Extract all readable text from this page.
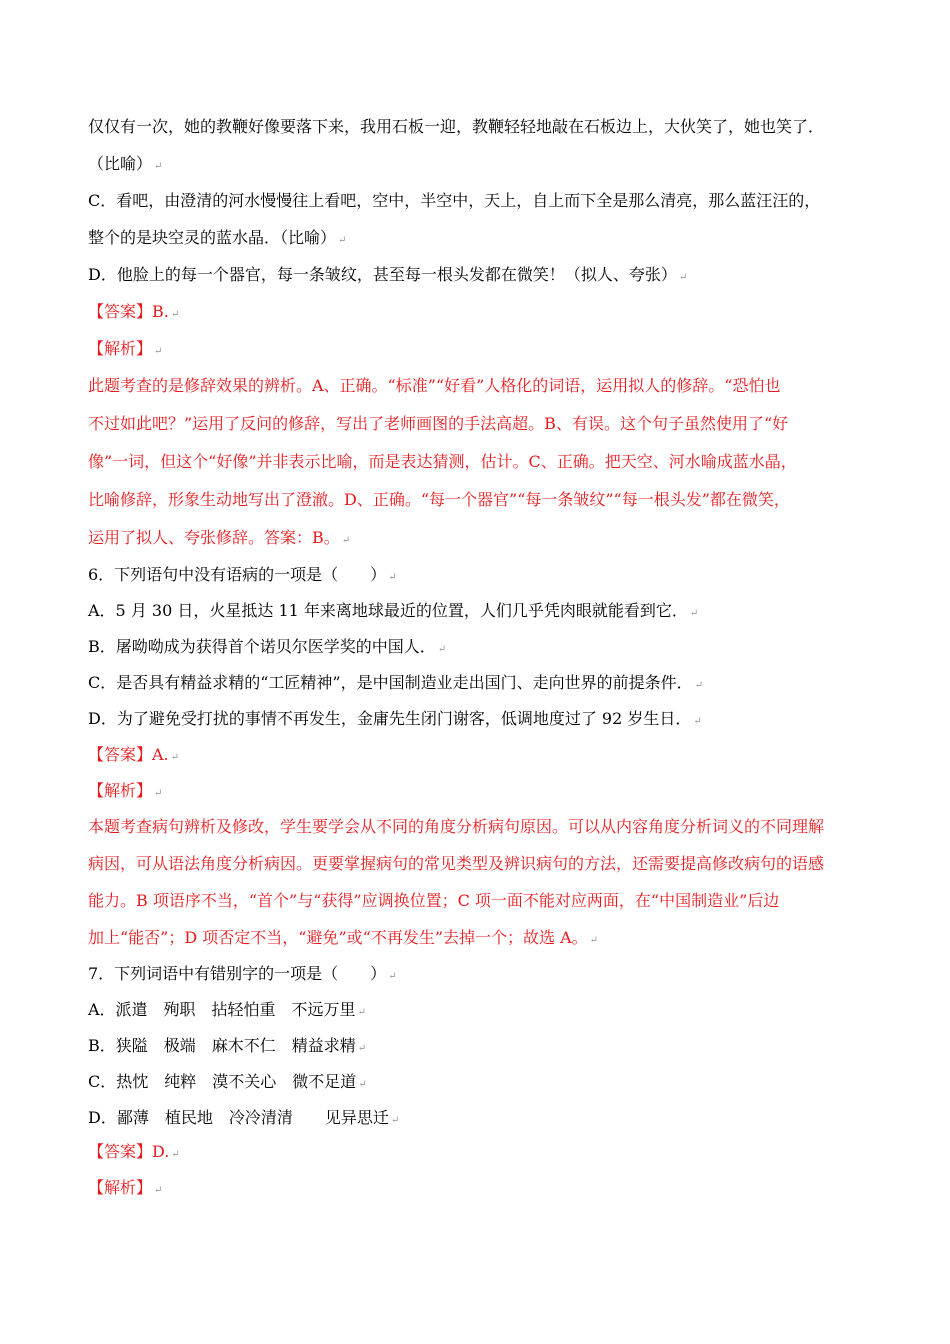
仅仅有一次，她的教鞭好像要落下来，我用石板一迎，教鞭轻轻地敲在石板边上，大伙笑了，她也笑了．
（比喻） ↵
C．看吧，由澄清的河水慢慢往上看吧，空中，半空中，天上，自上而下全是那么清亮，那么蓝汪汪的，
整个的是块空灵的蓝水晶．（比喻） ↵
D．他脸上的每一个器官，每一条皱纹，甚至每一根头发都在微笑！（拟人、夸张） ↵
【答案】B. ↵
【解析】 ↵
此题考查的是修辞效果的辨析。A、正确。“标准”“好看”人格化的词语，运用拟人的修辞。“恐怕也
不过如此吧？”运用了反问的修辞，写出了老师画图的手法高超。B、有误。这个句子虽然使用了“好
像”一词，但这个“好像”并非表示比喻，而是表达猜测，估计。C、正确。把天空、河水喻成蓝水晶，
比喻修辞，形象生动地写出了澄澈。D、正确。“每一个器官”“每一条皱纹”“每一根头发”都在微笑，
运用了拟人、夸张修辞。答案：B。 ↵
6．下列语句中没有语病的一项是（　　） ↵
A．5 月 30 日，火星抵达 11 年来离地球最近的位置，人们几乎凭肉眼就能看到它． ↵
B．屠呦呦成为获得首个诺贝尔医学奖的中国人． ↵
C．是否具有精益求精的“工匠精神”，是中国制造业走出国门、走向世界的前提条件． ↵
D．为了避免受打扰的事情不再发生，金庸先生闭门谢客，低调地度过了 92 岁生日． ↵
【答案】A. ↵
【解析】 ↵
本题考查病句辨析及修改，学生要学会从不同的角度分析病句原因。可以从内容角度分析词义的不同理解
病因，可从语法角度分析病因。更要掌握病句的常见类型及辨识病句的方法，还需要提高修改病句的语感
能力。B 项语序不当，“首个”与“获得”应调换位置；C 项一面不能对应两面，在“中国制造业”后边
加上“能否”；D 项否定不当，“避免”或“不再发生”去掉一个；故选 A。 ↵
7．下列词语中有错别字的一项是（　　） ↵
A．派遣　殉职　拈轻怕重　不远万里 ↵
B．狭隘　极端　麻木不仁　精益求精 ↵
C．热忱　纯粹　漠不关心　微不足道 ↵
D．鄙薄　植民地　冷冷清清　　见异思迁 ↵
【答案】D. ↵
【解析】 ↵
